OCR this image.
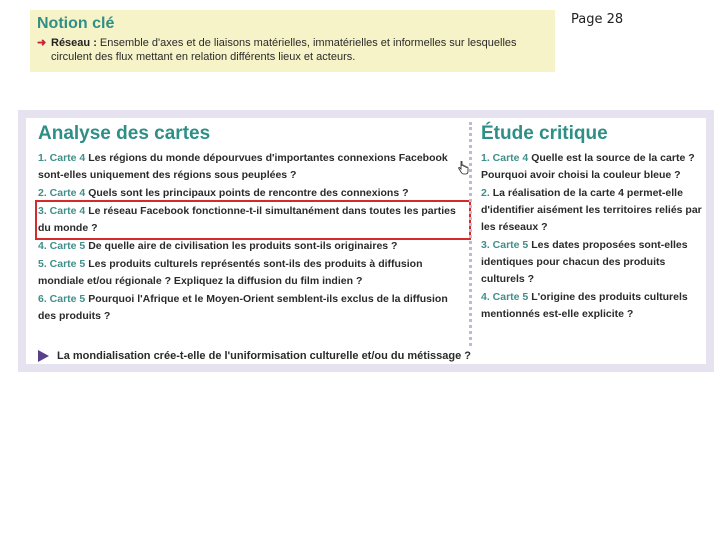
Notion clé
➜ Réseau : Ensemble d'axes et de liaisons matérielles, immatérielles et informelles sur lesquelles circulent des flux mettant en relation différents lieux et acteurs.
Page 28
Analyse des cartes
1. Carte 4 Les régions du monde dépourvues d'importantes connexions Facebook sont-elles uniquement des régions sous peuplées ?
2. Carte 4 Quels sont les principaux points de rencontre des connexions ?
3. Carte 4 Le réseau Facebook fonctionne-t-il simultanément dans toutes les parties du monde ?
4. Carte 5 De quelle aire de civilisation les produits sont-ils originaires ?
5. Carte 5 Les produits culturels représentés sont-ils des produits à diffusion mondiale et/ou régionale ? Expliquez la diffusion du film indien ?
6. Carte 5 Pourquoi l'Afrique et le Moyen-Orient semblent-ils exclus de la diffusion des produits ?
Étude critique
1. Carte 4 Quelle est la source de la carte ? Pourquoi avoir choisi la couleur bleue ?
2. La réalisation de la carte 4 permet-elle d'identifier aisément les territoires reliés par les réseaux ?
3. Carte 5 Les dates proposées sont-elles identiques pour chacun des produits culturels ?
4. Carte 5 L'origine des produits culturels mentionnés est-elle explicite ?
La mondialisation crée-t-elle de l'uniformisation culturelle et/ou du métissage ?
